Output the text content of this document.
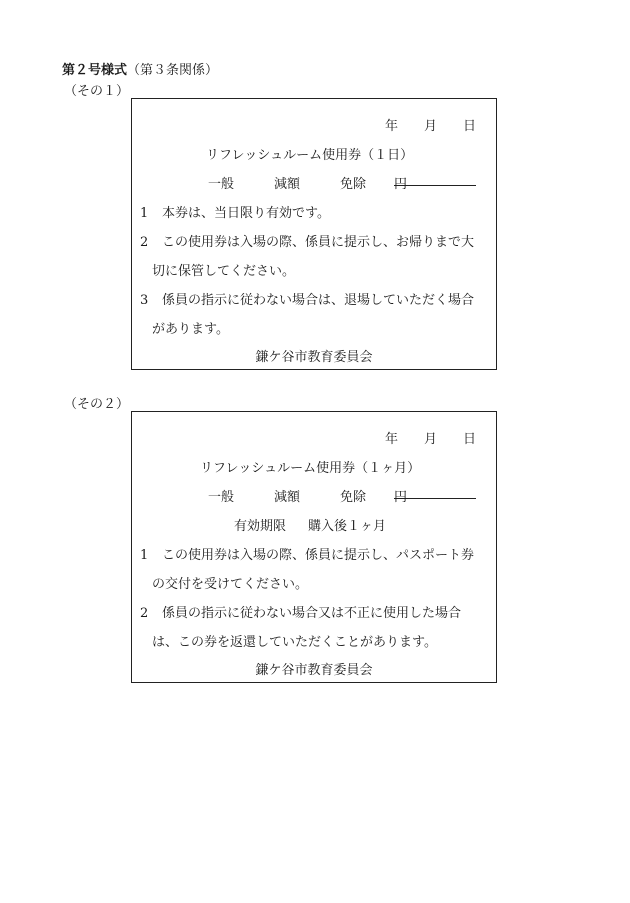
第２号様式（第３条関係）
（その１）
年 月 日
リフレッシュルーム使用券（１日）
一般	減額	免除 円
1 本券は、当日限り有効です。
2 この使用券は入場の際、係員に提示し、お帰りまで大
切に保管してください。
3 係員の指示に従わない場合は、退場していただく場合
があります。
鎌ケ谷市教育委員会
（その２）
年 月 日
リフレッシュルーム使用券（１ヶ月）
一般	減額	免除 円
有効期限 購入後１ヶ月
1 この使用券は入場の際、係員に提示し、パスポート券
の交付を受けてください。
2 係員の指示に従わない場合又は不正に使用した場合
は、この券を返還していただくことがあります。
鎌ケ谷市教育委員会
